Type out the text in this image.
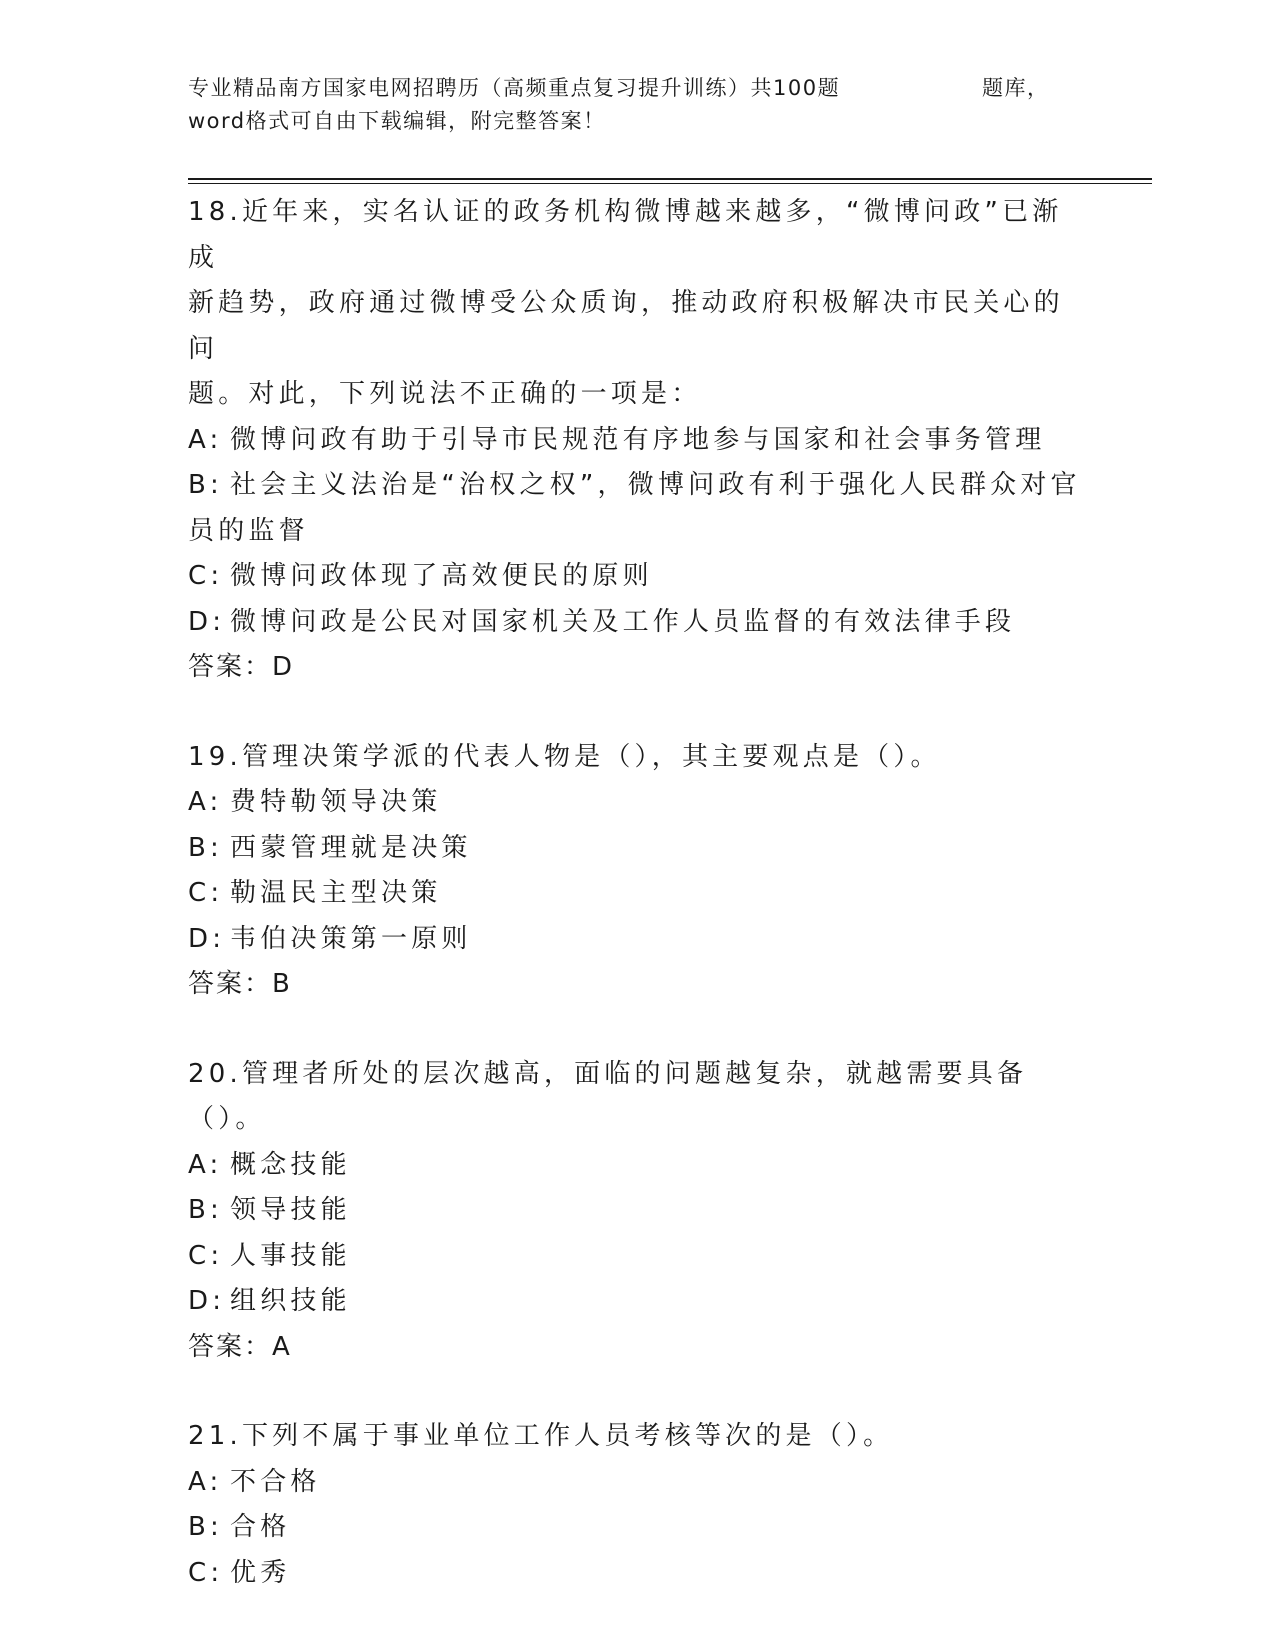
专业精品南方国家电网招聘历（高频重点复习提升训练）共100题	题库，
word格式可自由下载编辑，附完整答案！
18.近年来，实名认证的政务机构微博越来越多，“微博问政”已渐成
新趋势，政府通过微博受公众质询，推动政府积极解决市民关心的问
题。对此，下列说法不正确的一项是：
A: 微博问政有助于引导市民规范有序地参与国家和社会事务管理
B: 社会主义法治是“治权之权”，微博问政有利于强化人民群众对官
员的监督
C: 微博问政体现了高效便民的原则
D: 微博问政是公民对国家机关及工作人员监督的有效法律手段
答案：D
19.管理决策学派的代表人物是（），其主要观点是（）。
A: 费特勒领导决策
B: 西蒙管理就是决策
C: 勒温民主型决策
D: 韦伯决策第一原则
答案：B
20.管理者所处的层次越高，面临的问题越复杂，就越需要具备（）。
A: 概念技能
B: 领导技能
C: 人事技能
D: 组织技能
答案：A
21.下列不属于事业单位工作人员考核等次的是（）。
A: 不合格
B: 合格
C: 优秀
